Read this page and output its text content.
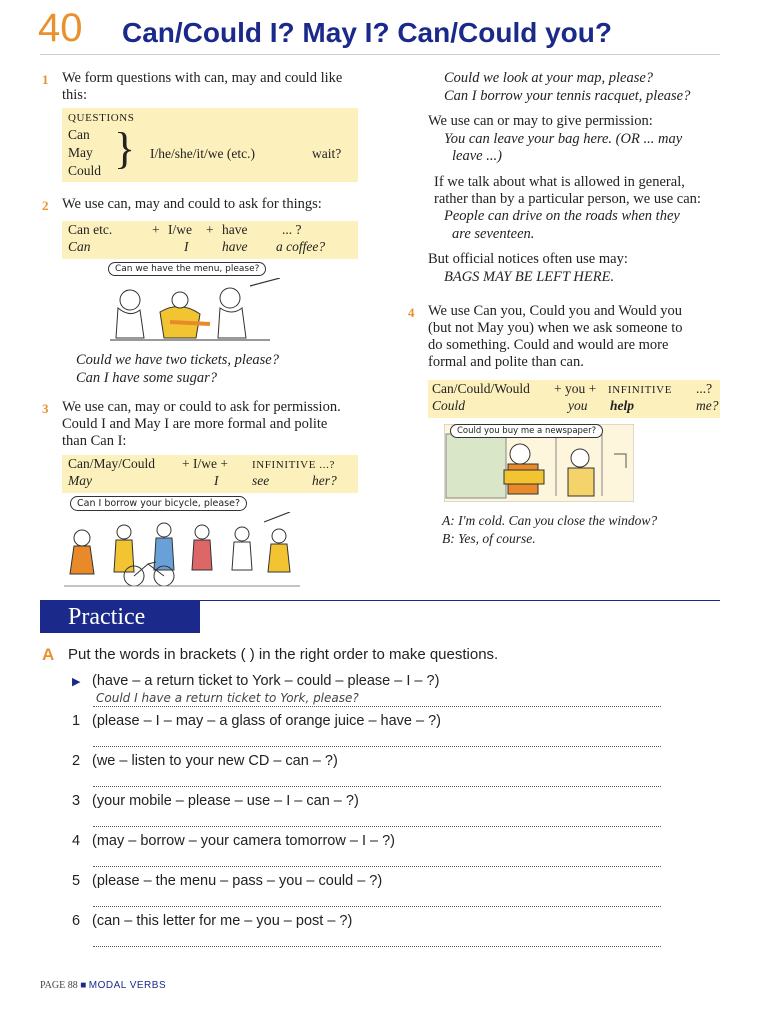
40 Can/Could I? May I? Can/Could you?
1 We form questions with can, may and could like this:
QUESTIONS
Can
May
Could } I/he/she/it/we (etc.)	wait?
2 We use can, may and could to ask for things:
Can etc.	+ I/we + have	... ?
Can	I have a coffee?
Can we have the menu, please?
Could we have two tickets, please?
Can I have some sugar?
3 We use can, may or could to ask for permission. Could I and May I are more formal and polite than Can I:
Can/May/Could + I/we + INFINITIVE ...?
May	I see	her?
Can I borrow your bicycle, please?
Could we look at your map, please?
Can I borrow your tennis racquet, please?
We use can or may to give permission:
You can leave your bag here. (OR ... may
leave ...)
If we talk about what is allowed in general,
rather than by a particular person, we use can:
People can drive on the roads when they
are seventeen.
But official notices often use may:
BAGS MAY BE LEFT HERE.
4 We use Can you, Could you and Would you
(but not May you) when we ask someone to
do something. Could and would are more
formal and polite than can.
Can/Could/Would + you + INFINITIVE ...?
Could	you help	me?
Could you buy me a newspaper?
A: I'm cold. Can you close the window?
B: Yes, of course.
Practice
A Put the words in brackets ( ) in the right order to make questions.
▶ (have – a return ticket to York – could – please – I – ?)
Could I have a return ticket to York, please?
1 (please – I – may – a glass of orange juice – have – ?)
2 (we – listen to your new CD – can – ?)
3 (your mobile – please – use – I – can – ?)
4 (may – borrow – your camera tomorrow – I – ?)
5 (please – the menu – pass – you – could – ?)
6 (can – this letter for me – you – post – ?)
PAGE 88 ■ MODAL VERBS
